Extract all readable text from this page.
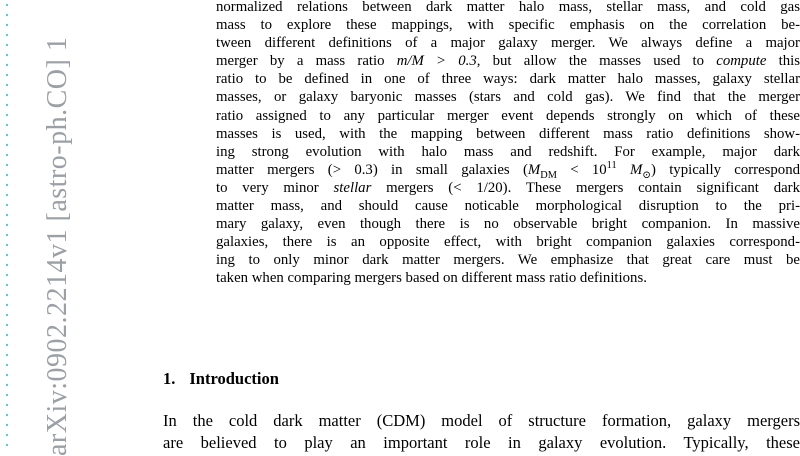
arXiv:0902.2214v1 [astro-ph.CO] 1
normalized relations between dark matter halo mass, stellar mass, and cold gas
mass to explore these mappings, with specific emphasis on the correlation be-
tween different definitions of a major galaxy merger. We always define a major
merger by a mass ratio m/M > 0.3, but allow the masses used to compute this
ratio to be defined in one of three ways: dark matter halo masses, galaxy stellar
masses, or galaxy baryonic masses (stars and cold gas). We find that the merger
ratio assigned to any particular merger event depends strongly on which of these
masses is used, with the mapping between different mass ratio definitions show-
ing strong evolution with halo mass and redshift. For example, major dark
matter mergers (> 0.3) in small galaxies ($M_{DM} < 10^{11}$ $M_⊙$) typically correspond
to very minor stellar mergers (< 1/20). These mergers contain significant dark
matter mass, and should cause noticable morphological disruption to the pri-
mary galaxy, even though there is no observable bright companion. In massive
galaxies, there is an opposite effect, with bright companion galaxies correspond-
ing to only minor dark matter mergers. We emphasize that great care must be
taken when comparing mergers based on different mass ratio definitions.
1. Introduction
In the cold dark matter (CDM) model of structure formation, galaxy mergers
are believed to play an important role in galaxy evolution. Typically, these
